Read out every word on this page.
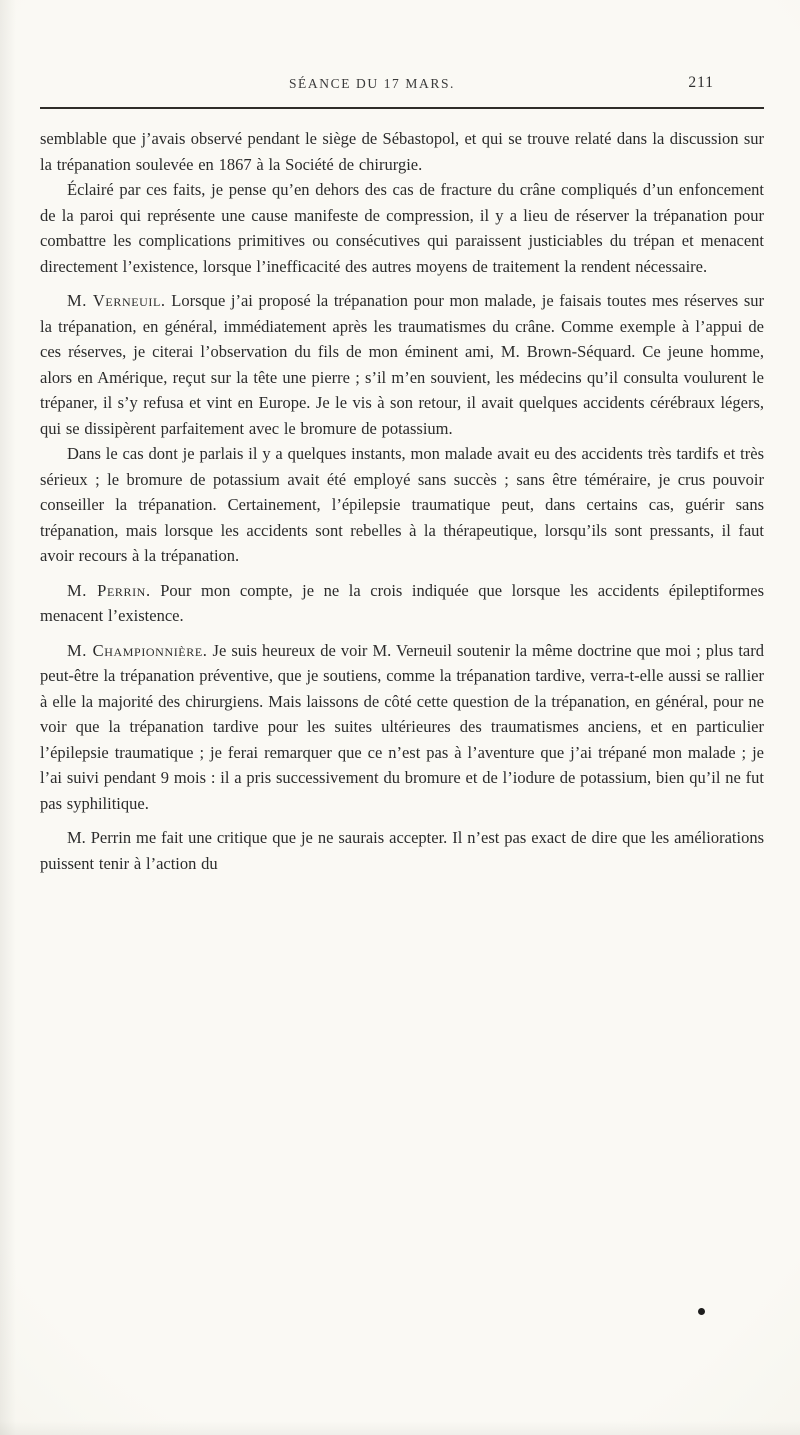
SÉANCE DU 17 MARS.	211

semblable que j’avais observé pendant le siège de Sébastopol, et qui se trouve relaté dans la discussion sur la trépanation soulevée en 1867 à la Société de chirurgie.

Éclairé par ces faits, je pense qu’en dehors des cas de fracture du crâne compliqués d’un enfoncement de la paroi qui représente une cause manifeste de compression, il y a lieu de réserver la trépanation pour combattre les complications primitives ou consécutives qui paraissent justiciables du trépan et menacent directement l’existence, lorsque l’inefficacité des autres moyens de traitement la rendent nécessaire.

M. Verneuil. Lorsque j’ai proposé la trépanation pour mon malade, je faisais toutes mes réserves sur la trépanation, en général, immédiatement après les traumatismes du crâne. Comme exemple à l’appui de ces réserves, je citerai l’observation du fils de mon éminent ami, M. Brown-Séquard. Ce jeune homme, alors en Amérique, reçut sur la tête une pierre ; s’il m’en souvient, les médecins qu’il consulta voulurent le trépaner, il s’y refusa et vint en Europe. Je le vis à son retour, il avait quelques accidents cérébraux légers, qui se dissipèrent parfaitement avec le bromure de potassium.

Dans le cas dont je parlais il y a quelques instants, mon malade avait eu des accidents très tardifs et très sérieux ; le bromure de potassium avait été employé sans succès ; sans être téméraire, je crus pouvoir conseiller la trépanation. Certainement, l’épilepsie traumatique peut, dans certains cas, guérir sans trépanation, mais lorsque les accidents sont rebelles à la thérapeutique, lorsqu’ils sont pressants, il faut avoir recours à la trépanation.

M. Perrin. Pour mon compte, je ne la crois indiquée que lorsque les accidents épileptiformes menacent l’existence.

M. Championnière. Je suis heureux de voir M. Verneuil soutenir la même doctrine que moi ; plus tard peut-être la trépanation préventive, que je soutiens, comme la trépanation tardive, verra-t-elle aussi se rallier à elle la majorité des chirurgiens. Mais laissons de côté cette question de la trépanation, en général, pour ne voir que la trépanation tardive pour les suites ultérieures des traumatismes anciens, et en particulier l’épilepsie traumatique ; je ferai remarquer que ce n’est pas à l’aventure que j’ai trépané mon malade ; je l’ai suivi pendant 9 mois : il a pris successivement du bromure et de l’iodure de potassium, bien qu’il ne fut pas syphilitique.

M. Perrin me fait une critique que je ne saurais accepter. Il n’est pas exact de dire que les améliorations puissent tenir à l’action du
